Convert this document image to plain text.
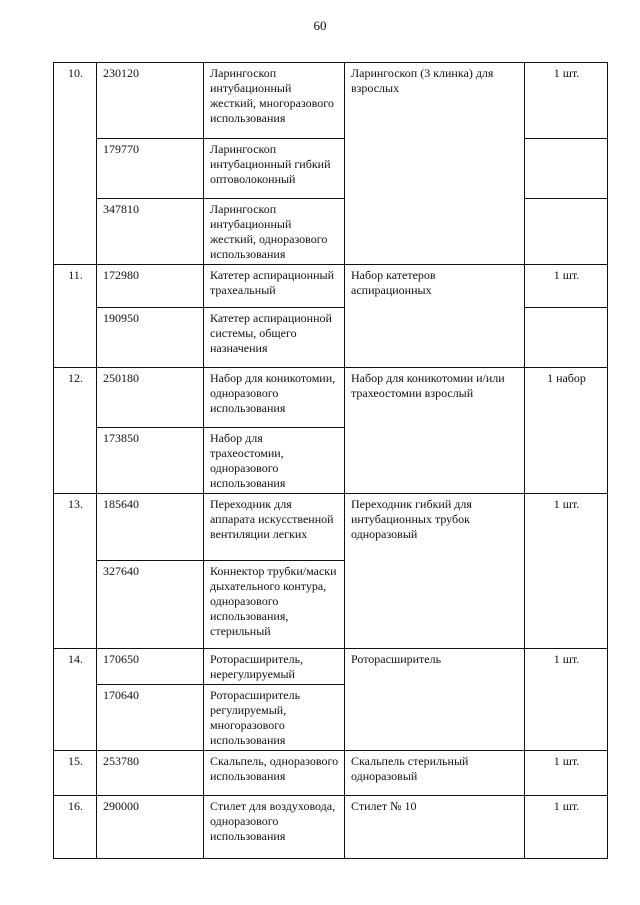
60
10.	230120	Ларингоскоп интубационный жесткий, многоразового использования	Ларингоскоп (3 клинка) для взрослых	1 шт.
	179770	Ларингоскоп интубационный гибкий оптоволоконный		
	347810	Ларингоскоп интубационный жесткий, одноразового использования		
11.	172980	Катетер аспирационный трахеальный	Набор катетеров аспирационных	1 шт.
	190950	Катетер аспирационной системы, общего назначения		
12.	250180	Набор для коникотомии, одноразового использования	Набор для коникотомии и/или трахеостомии взрослый	1 набор
	173850	Набор для трахеостомии, одноразового использования		
13.	185640	Переходник для аппарата искусственной вентиляции легких	Переходник гибкий для интубационных трубок одноразовый	1 шт.
	327640	Коннектор трубки/маски дыхательного контура, одноразового использования, стерильный		
14.	170650	Роторасширитель, нерегулируемый	Роторасширитель	1 шт.
	170640	Роторасширитель регулируемый, многоразового использования		
15.	253780	Скальпель, одноразового использования	Скальпель стерильный одноразовый	1 шт.
16.	290000	Стилет для воздуховода, одноразового использования	Стилет № 10	1 шт.
